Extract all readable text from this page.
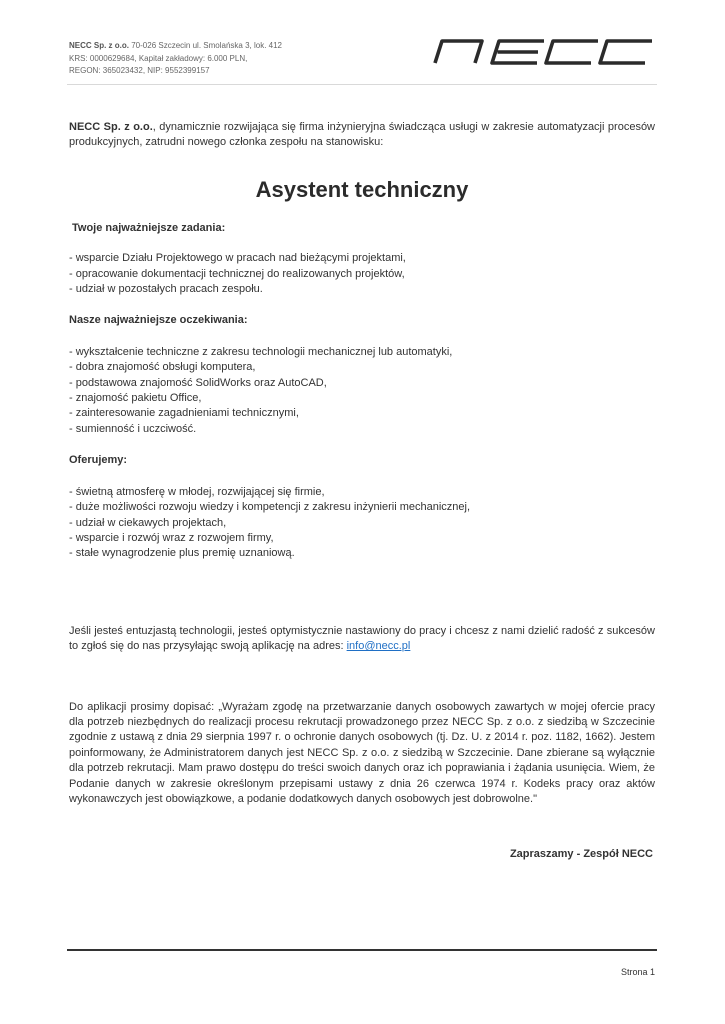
NECC Sp. z o.o. 70-026 Szczecin ul. Smolańska 3, lok. 412
KRS: 0000629684, Kapitał zakładowy: 6.000 PLN,
REGON: 365023432, NIP: 9552399157

NECC Sp. z o.o., dynamicznie rozwijająca się firma inżynieryjna świadcząca usługi w zakresie automatyzacji procesów produkcyjnych, zatrudni nowego członka zespołu na stanowisku:

Asystent techniczny

Twoje najważniejsze zadania:

- wsparcie Działu Projektowego w pracach nad bieżącymi projektami,
- opracowanie dokumentacji technicznej do realizowanych projektów,
- udział w pozostałych pracach zespołu.

Nasze najważniejsze oczekiwania:

- wykształcenie techniczne z zakresu technologii mechanicznej lub automatyki,
- dobra znajomość obsługi komputera,
- podstawowa znajomość SolidWorks oraz AutoCAD,
- znajomość pakietu Office,
- zainteresowanie zagadnieniami technicznymi,
- sumienność i uczciwość.

Oferujemy:

- świetną atmosferę w młodej, rozwijającej się firmie,
- duże możliwości rozwoju wiedzy i kompetencji z zakresu inżynierii mechanicznej,
- udział w ciekawych projektach,
- wsparcie i rozwój wraz z rozwojem firmy,
- stałe wynagrodzenie plus premię uznaniową.

Jeśli jesteś entuzjastą technologii, jesteś optymistycznie nastawiony do pracy i chcesz z nami dzielić radość z sukcesów to zgłoś się do nas przysyłając swoją aplikację na adres: info@necc.pl

Do aplikacji prosimy dopisać: „Wyrażam zgodę na przetwarzanie danych osobowych zawartych w mojej ofercie pracy dla potrzeb niezbędnych do realizacji procesu rekrutacji prowadzonego przez NECC Sp. z o.o. z siedzibą w Szczecinie zgodnie z ustawą z dnia 29 sierpnia 1997 r. o ochronie danych osobowych (tj. Dz. U. z 2014 r. poz. 1182, 1662). Jestem poinformowany, że Administratorem danych jest NECC Sp. z o.o. z siedzibą w Szczecinie. Dane zbierane są wyłącznie dla potrzeb rekrutacji. Mam prawo dostępu do treści swoich danych oraz ich poprawiania i żądania usunięcia. Wiem, że Podanie danych w zakresie określonym przepisami ustawy z dnia 26 czerwca 1974 r. Kodeks pracy oraz aktów wykonawczych jest obowiązkowe, a podanie dodatkowych danych osobowych jest dobrowolne."

Zapraszamy - Zespół NECC

Strona 1
